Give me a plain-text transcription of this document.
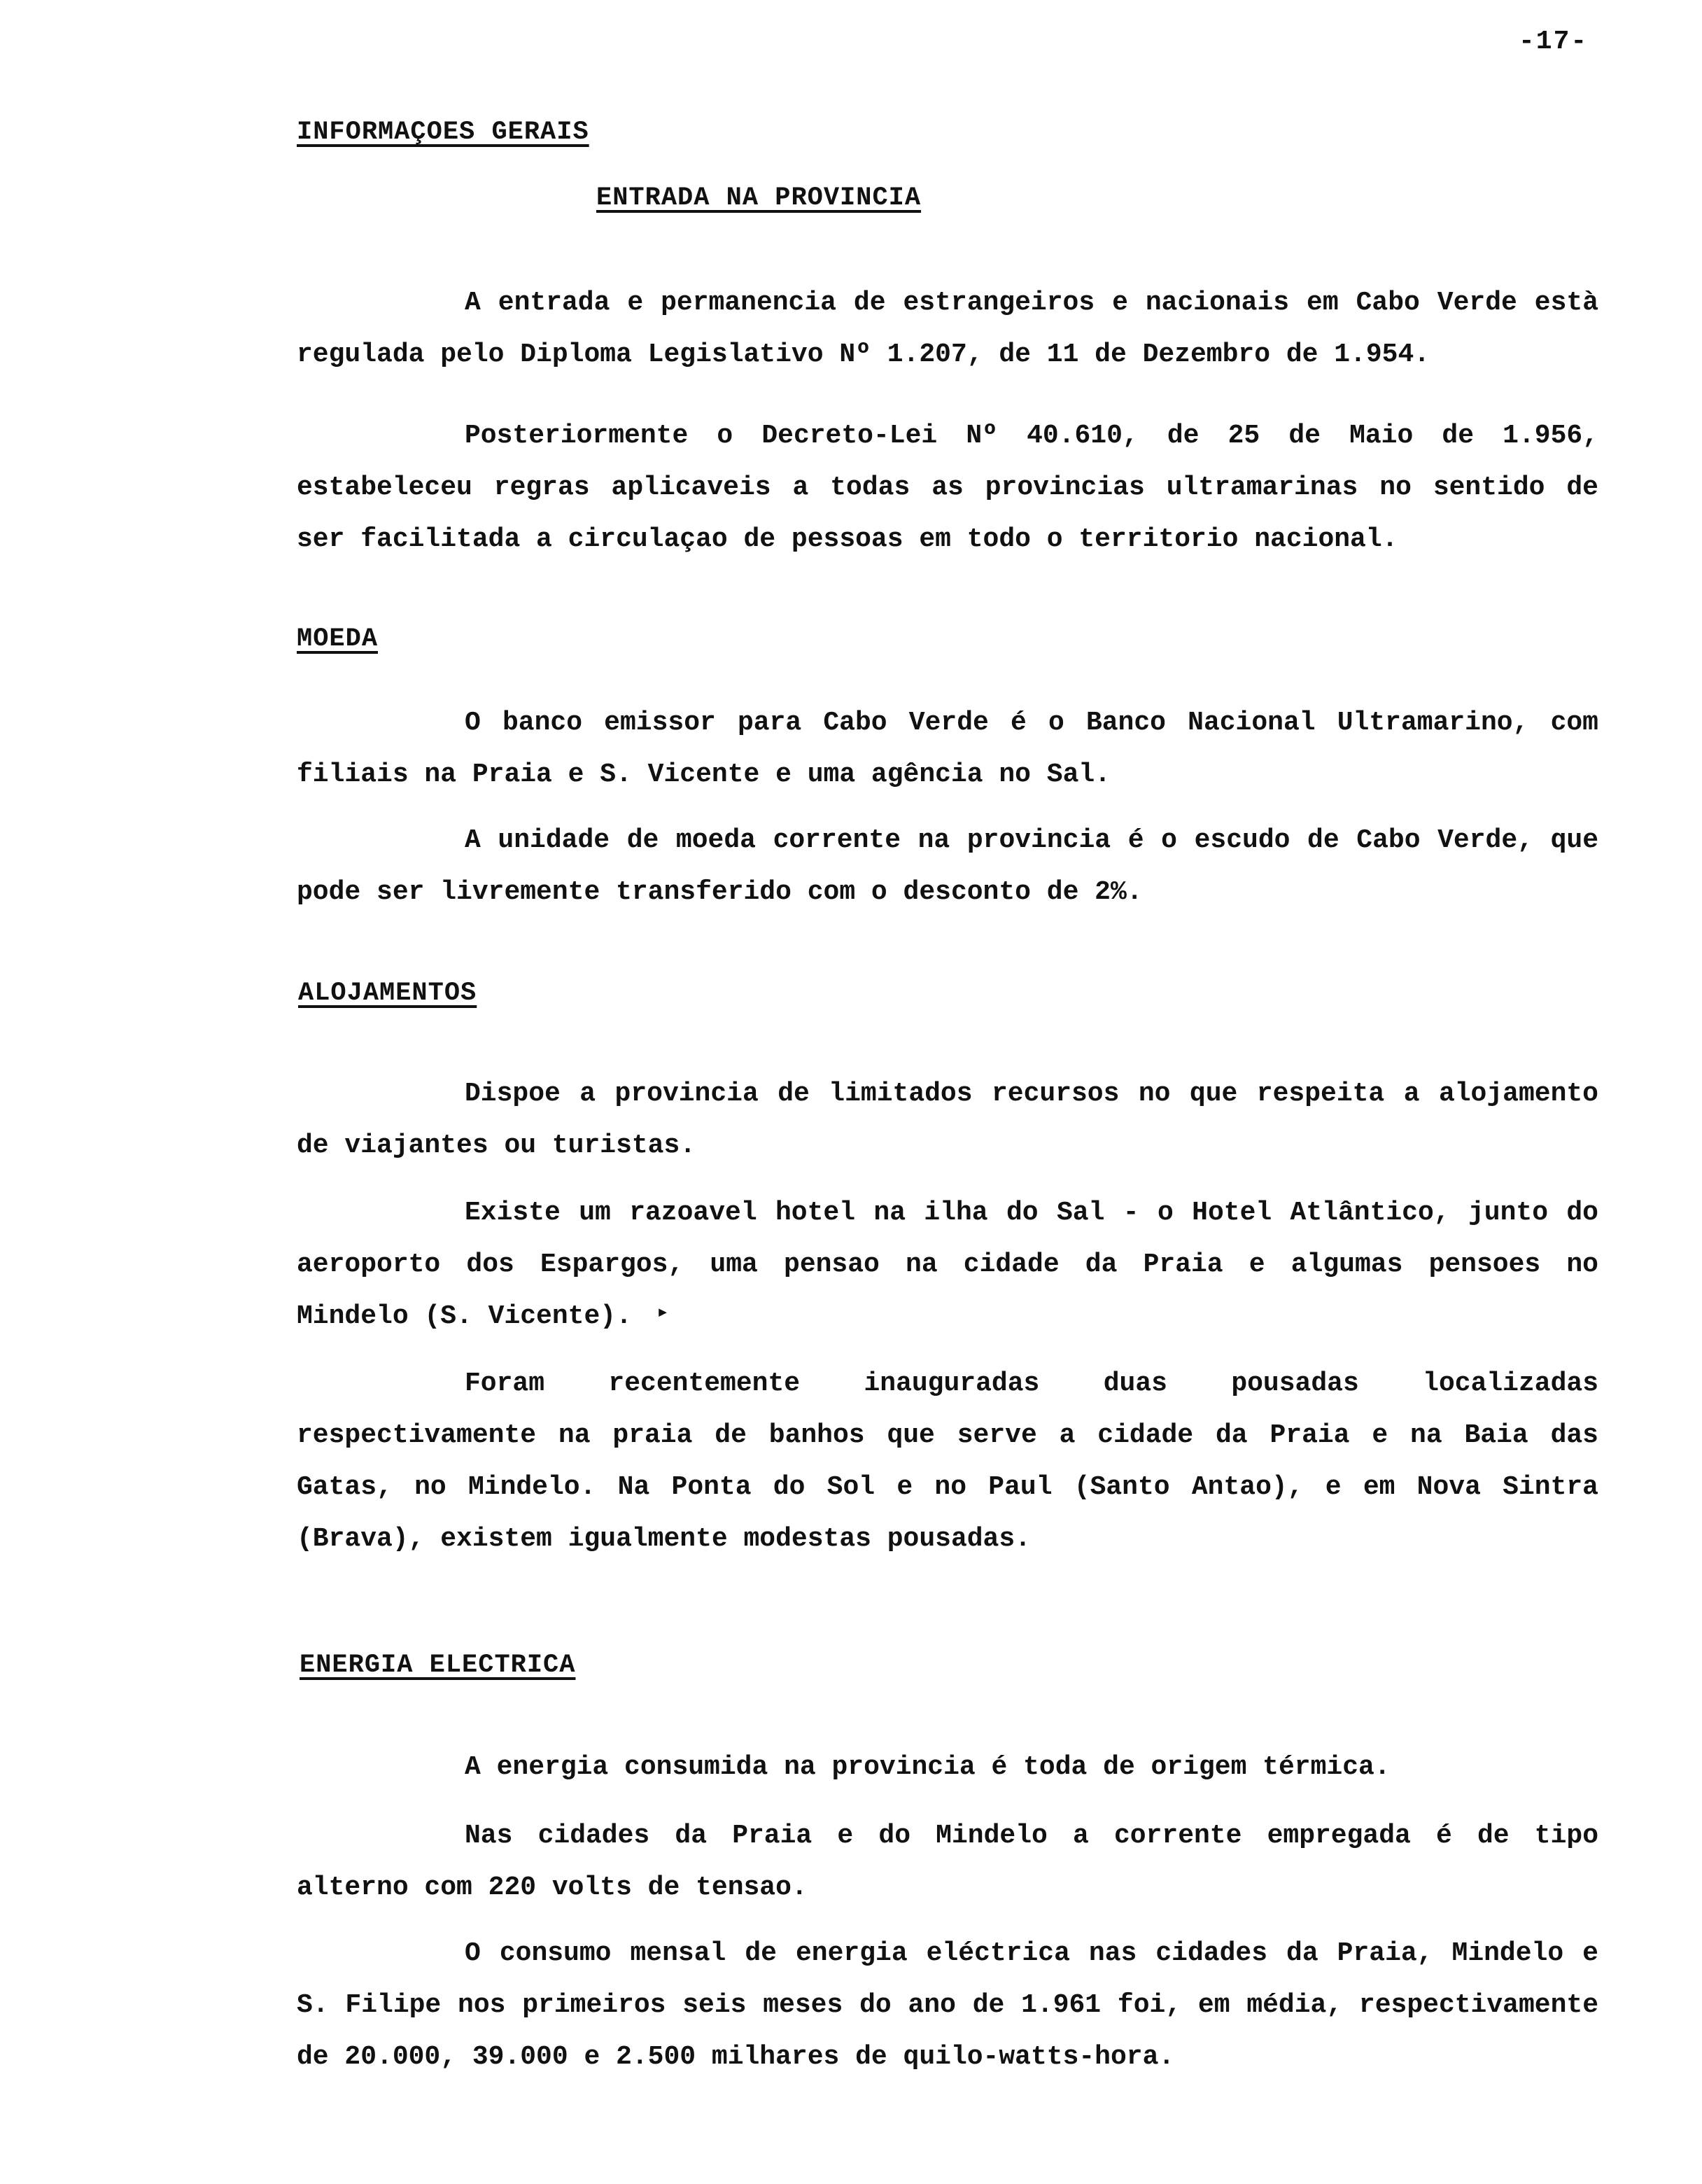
-17-
INFORMAÇOES GERAIS
ENTRADA NA PROVINCIA
A entrada e permanencia de estrangeiros e nacionais em Cabo Verde està regulada pelo Diploma Legislativo Nº 1.207, de 11 de Dezembro de 1.954.
Posteriormente o Decreto-Lei Nº 40.610, de 25 de Maio de 1.956, estabeleceu regras aplicaveis a todas as provincias ultramarinas no sentido de ser facilitada a circulaçao de pessoas em todo o territorio nacional.
MOEDA
O banco emissor para Cabo Verde é o Banco Nacional Ultramarino, com filiais na Praia e S. Vicente e uma agência no Sal.
A unidade de moeda corrente na provincia é o escudo de Cabo Verde, que pode ser livremente transferido com o desconto de 2%.
ALOJAMENTOS
Dispoe a provincia de limitados recursos no que respeita a alojamento de viajantes ou turistas.
Existe um razoavel hotel na ilha do Sal - o Hotel Atlântico, junto do aeroporto dos Espargos, uma pensao na cidade da Praia e algumas pensoes no Mindelo (S. Vicente).	▸
Foram recentemente inauguradas duas pousadas localizadas respectivamente na praia de banhos que serve a cidade da Praia e na Baia das Gatas, no Mindelo. Na Ponta do Sol e no Paul (Santo Antao), e em Nova Sintra (Brava), existem igualmente modestas pousadas.
ENERGIA ELECTRICA
A energia consumida na provincia é toda de origem térmica.
Nas cidades da Praia e do Mindelo a corrente empregada é de tipo alterno com 220 volts de tensao.
O consumo mensal de energia eléctrica nas cidades da Praia, Mindelo e S. Filipe nos primeiros seis meses do ano de 1.961 foi, em média, respectivamente de 20.000, 39.000 e 2.500 milhares de quilo-watts-hora.
